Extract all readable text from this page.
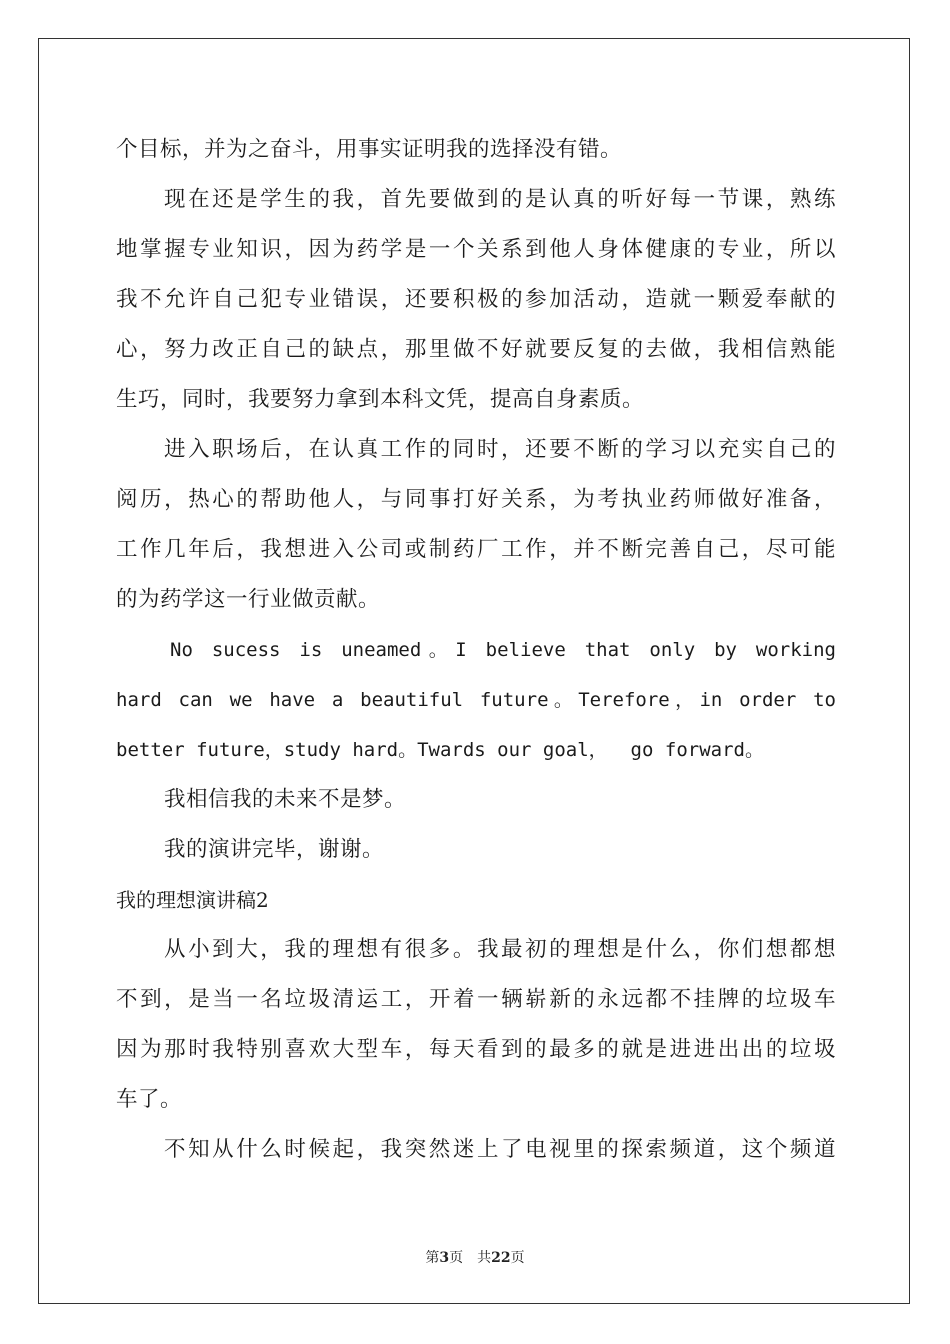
个目标，并为之奋斗，用事实证明我的选择没有错。
现在还是学生的我，首先要做到的是认真的听好每一节课，熟练
地掌握专业知识，因为药学是一个关系到他人身体健康的专业，所以
我不允许自己犯专业错误，还要积极的参加活动，造就一颗爱奉献的
心，努力改正自己的缺点，那里做不好就要反复的去做，我相信熟能
生巧，同时，我要努力拿到本科文凭，提高自身素质。
进入职场后，在认真工作的同时，还要不断的学习以充实自己的
阅历，热心的帮助他人，与同事打好关系，为考执业药师做好准备，
工作几年后，我想进入公司或制药厂工作，并不断完善自己，尽可能
的为药学这一行业做贡献。
No sucess is uneamed。I believe that only by working
hard can we have a beautiful future。Terefore，in order to
better future，study hard。Twards our goal，  go forward。
我相信我的未来不是梦。
我的演讲完毕，谢谢。
我的理想演讲稿2
从小到大，我的理想有很多。我最初的理想是什么，你们想都想
不到，是当一名垃圾清运工，开着一辆崭新的永远都不挂牌的垃圾车
因为那时我特别喜欢大型车，每天看到的最多的就是进进出出的垃圾
车了。
不知从什么时候起，我突然迷上了电视里的探索频道，这个频道
第3页　共22页
